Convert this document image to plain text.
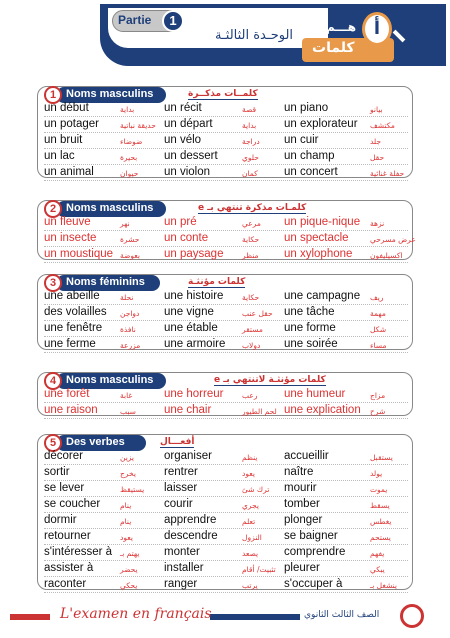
Partie	1
الوحـدة الثالثـة
كلمات
هـــم أ
1 Noms masculins	كلمــات مذكــرة
un début	بداية	un récit	قصة un piano	بيانو
un potager	حديقة نباتية un départ	بداية un explorateur مكتشف
un bruit	ضوضاء un vélo	دراجة un cuir	جلد
un lac	بحيرة un dessert	حلوي un champ	حقل
un animal	حيوان un violon	كمان un concert	حفلة غنائية
2 Noms masculins	كلمـات مذكرة تنتهي بـ e
un fleuve	نهر	un pré	مرعي un pique-nique نزهة
un insecte	حشرة un conte	حكاية un spectacle	عرض مسرحي
un moustique بعوضة un paysage منظر un xylophone اكسيليفون
3 Noms féminins	كلمات مؤنثـة
une abeille	نحلة	une histoire حكاية une campagne ريف
des volailles دواجن une vigne	حقل عنب une tâche	مهمة
une fenêtre نافذة une étable	مستقر une forme	شكل
une ferme	مزرعة une armoire دولاب une soirée	مساء
4 Noms masculins	كلمات مؤنثـة لاتنتهي بـ e
une forêt	غابة	une horreur رعب une humeur	مزاج
une raison	سبب une chair	لحم الطيور une explication شرح
5 Des verbes	أفعـــال
décorer	يزين	organiser	ينظم accueillir	يستقبل
sortir	يخرج rentrer	يعود	naître	يولد
se lever	يستيقظ laisser	ترك شئ mourir	يموت
se coucher	ينام	courir	يجري tomber	يسقط
dormir	ينام	apprendre	تعلم	plonger	يغطس
retourner	يعود	descendre	النزول se baigner	يستحم
s'intéresser à يهتم بـ monter	يصعد comprendre	يفهم
assister à	يحضر installer	تثبيت/ أقام pleurer	يبكي
raconter	يحكي ranger	يرتب s'occuper à	ينشغل بـ
L'examen en français	الصف الثالث الثانوي
